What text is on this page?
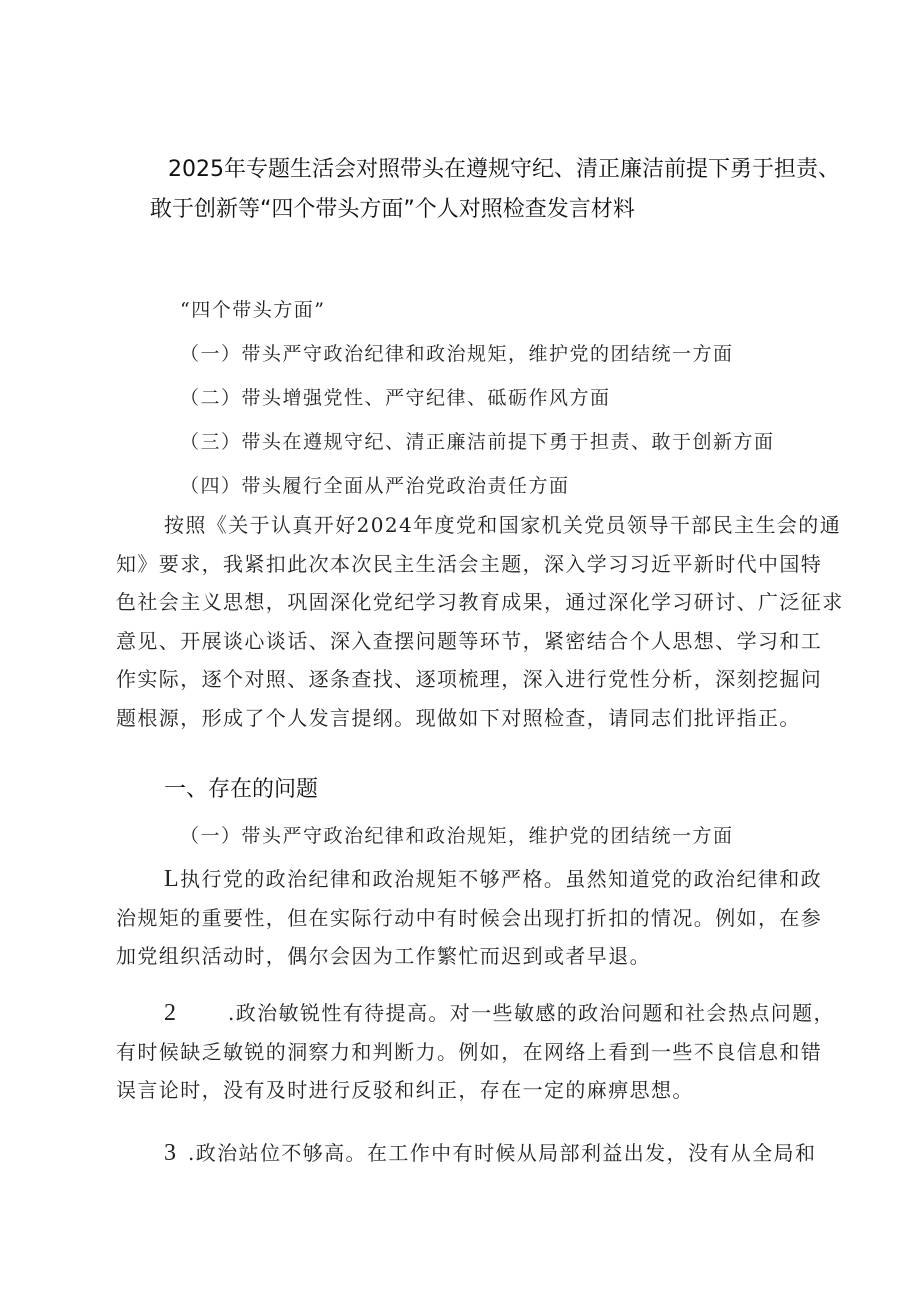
2025年专题生活会对照带头在遵规守纪、清正廉洁前提下勇于担责、
敢于创新等“四个带头方面”个人对照检查发言材料
“四个带头方面”
（一）带头严守政治纪律和政治规矩，维护党的团结统一方面
（二）带头增强党性、严守纪律、砥砺作风方面
（三）带头在遵规守纪、清正廉洁前提下勇于担责、敢于创新方面
（四）带头履行全面从严治党政治责任方面
按照《关于认真开好2024年度党和国家机关党员领导干部民主生会的通
知》要求，我紧扣此次本次民主生活会主题，深入学习习近平新时代中国特
色社会主义思想，巩固深化党纪学习教育成果，通过深化学习研讨、广泛征求
意见、开展谈心谈话、深入查摆问题等环节，紧密结合个人思想、学习和工
作实际，逐个对照、逐条查找、逐项梳理，深入进行党性分析，深刻挖掘问
题根源，形成了个人发言提纲。现做如下对照检查，请同志们批评指正。
一、存在的问题
（一）带头严守政治纪律和政治规矩，维护党的团结统一方面
L执行党的政治纪律和政治规矩不够严格。虽然知道党的政治纪律和政
治规矩的重要性，但在实际行动中有时候会出现打折扣的情况。例如，在参
加党组织活动时，偶尔会因为工作繁忙而迟到或者早退。
2	.政治敏锐性有待提高。对一些敏感的政治问题和社会热点问题，
有时候缺乏敏锐的洞察力和判断力。例如，在网络上看到一些不良信息和错
误言论时，没有及时进行反驳和纠正，存在一定的麻痹思想。
3 .政治站位不够高。在工作中有时候从局部利益出发，没有从全局和
